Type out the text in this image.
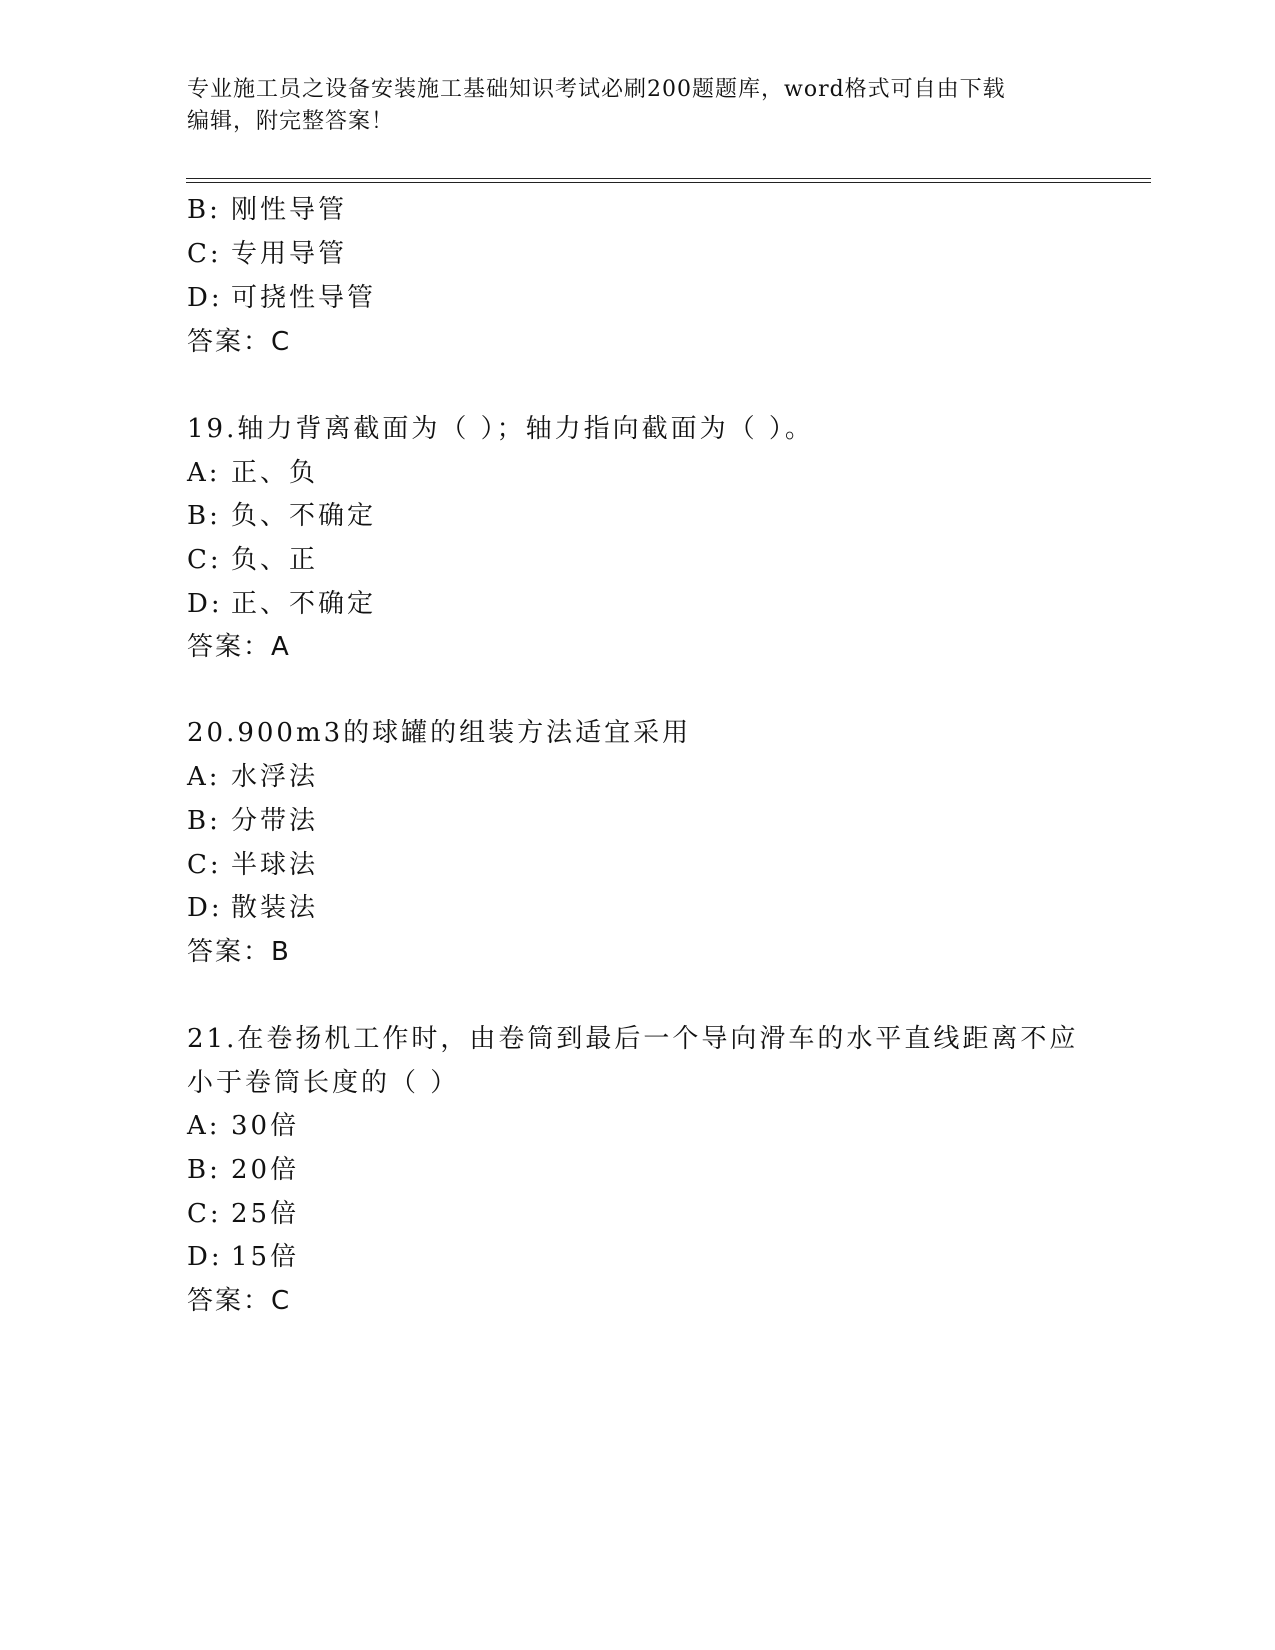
专业施工员之设备安装施工基础知识考试必刷200题题库，word格式可自由下载
编辑，附完整答案！
B: 刚性导管
C: 专用导管
D: 可挠性导管
答案：C
19.轴力背离截面为（ ）；轴力指向截面为（ ）。
A: 正、负
B: 负、不确定
C: 负、正
D: 正、不确定
答案：A
20.900m3的球罐的组装方法适宜采用
A: 水浮法
B: 分带法
C: 半球法
D: 散装法
答案：B
21.在卷扬机工作时，由卷筒到最后一个导向滑车的水平直线距离不应
小于卷筒长度的（ ）
A: 30倍
B: 20倍
C: 25倍
D: 15倍
答案：C
